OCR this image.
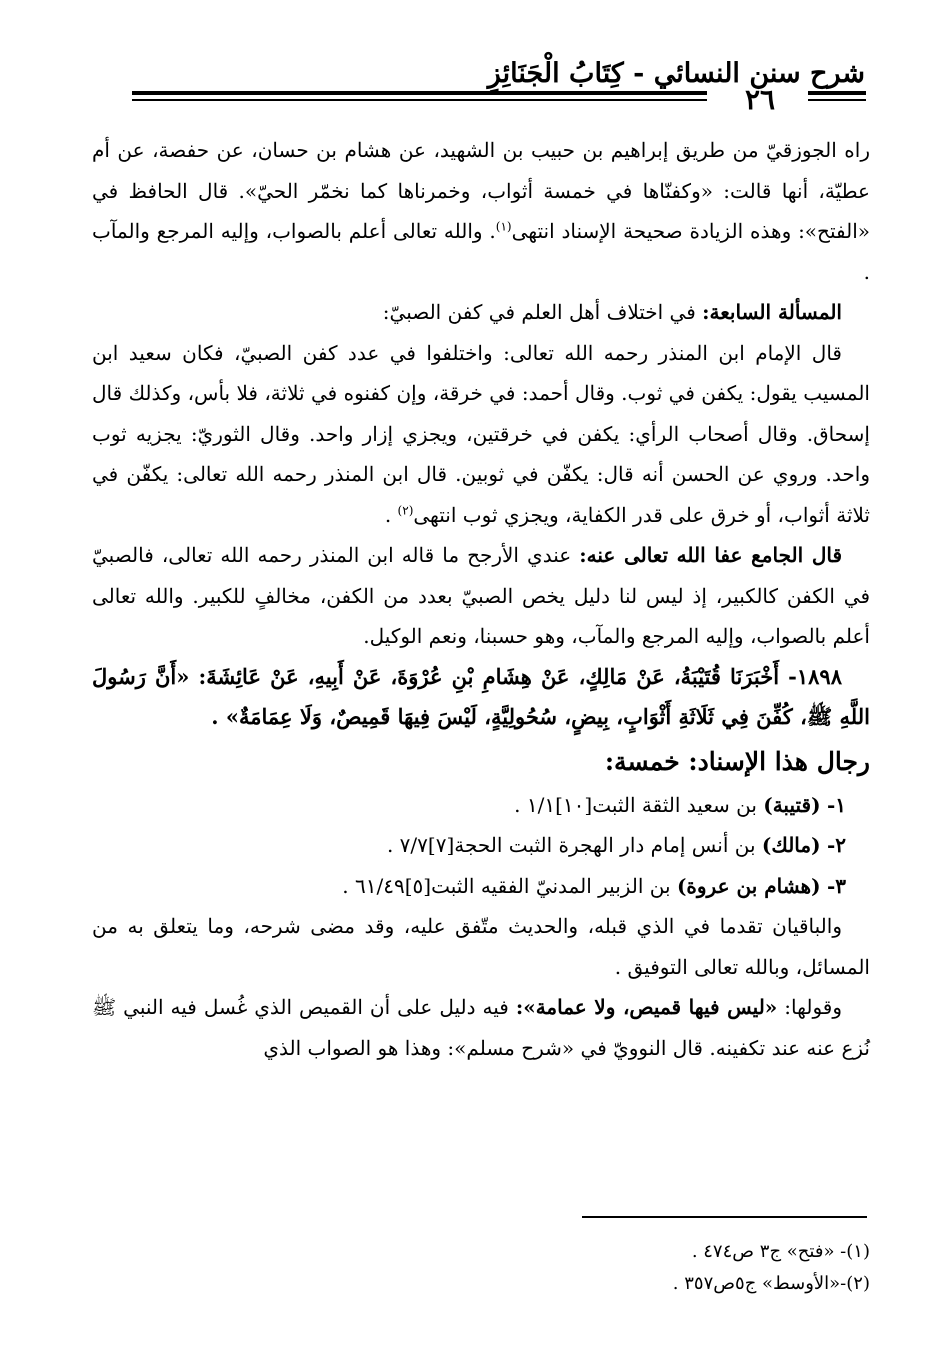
شرح سنن النسائي - كِتَابُ الْجَنَائِزِ
٢٦

راه الجوزقيّ من طريق إبراهيم بن حبيب بن الشهيد، عن هشام بن حسان، عن حفصة، عن أم عطيّة، أنها قالت: «وكفنّاها في خمسة أثواب، وخمرناها كما نخمّر الحيّ». قال الحافظ في «الفتح»: وهذه الزيادة صحيحة الإسناد انتهى$^{(١)}$. والله تعالى أعلم بالصواب، وإليه المرجع والمآب .

المسألة السابعة: في اختلاف أهل العلم في كفن الصبيّ:

قال الإمام ابن المنذر رحمه الله تعالى: واختلفوا في عدد كفن الصبيّ، فكان سعيد ابن المسيب يقول: يكفن في ثوب. وقال أحمد: في خرقة، وإن كفنوه في ثلاثة، فلا بأس، وكذلك قال إسحاق. وقال أصحاب الرأي: يكفن في خرقتين، ويجزي إزار واحد. وقال الثوريّ: يجزيه ثوب واحد. وروي عن الحسن أنه قال: يكفّن في ثوبين. قال ابن المنذر رحمه الله تعالى: يكفّن في ثلاثة أثواب، أو خرق على قدر الكفاية، ويجزي ثوب انتهى$^{(٢)}$ .

قال الجامع عفا الله تعالى عنه: عندي الأرجح ما قاله ابن المنذر رحمه الله تعالى، فالصبيّ في الكفن كالكبير، إذ ليس لنا دليل يخص الصبيّ بعدد من الكفن، مخالفٍ للكبير. والله تعالى أعلم بالصواب، وإليه المرجع والمآب، وهو حسبنا، ونعم الوكيل.

١٨٩٨- أَخْبَرَنَا قُتَيْبَةُ، عَنْ مَالِكٍ، عَنْ هِشَامِ بْنِ عُرْوَةَ، عَنْ أَبِيهِ، عَنْ عَائِشَةَ: «أَنَّ رَسُولَ اللَّهِ ﷺ، كُفِّنَ فِي ثَلَاثَةِ أَثْوَابٍ، بِيضٍ، سُحُولِيَّةٍ، لَيْسَ فِيهَا قَمِيصٌ، وَلَا عِمَامَةٌ» .

رجال هذا الإسناد: خمسة:

١- (قتيبة) بن سعيد الثقة الثبت[١٠]١/١ .

٢- (مالك) بن أنس إمام دار الهجرة الثبت الحجة[٧]٧/٧ .

٣- (هشام بن عروة) بن الزبير المدنيّ الفقيه الثبت[٥]٦١/٤٩ .

والباقيان تقدما في الذي قبله، والحديث متّفق عليه، وقد مضى شرحه، وما يتعلق به من المسائل، وبالله تعالى التوفيق .

وقولها: «ليس فيها قميص، ولا عمامة»: فيه دليل على أن القميص الذي غُسل فيه النبي ﷺ نُزع عنه عند تكفينه. قال النوويّ في «شرح مسلم»: وهذا هو الصواب الذي

(١)- «فتح» ج٣ ص٤٧٤ .

(٢)-«الأوسط» ج٥ص٣٥٧ .
